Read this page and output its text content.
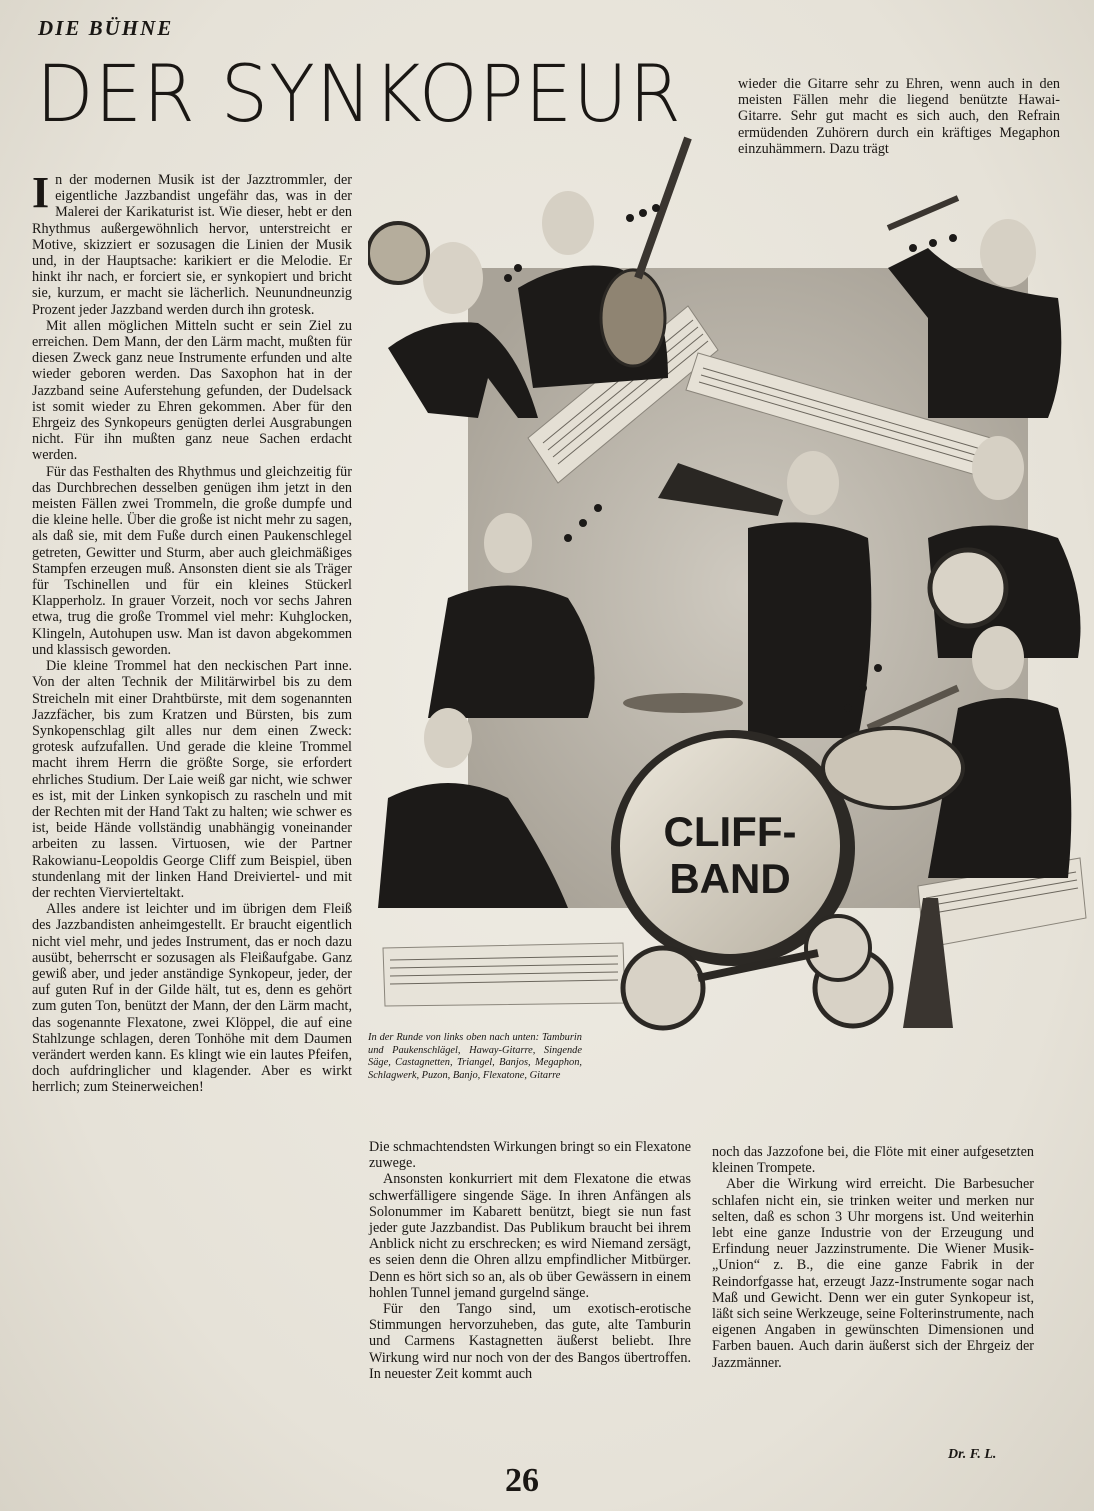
DIE BÜHNE
DER SYNKOPEUR

In der modernen Musik ist der Jazztrommler, der eigentliche Jazzbandist ungefähr das, was in der Malerei der Karikaturist ist. Wie dieser, hebt er den Rhythmus außergewöhnlich hervor, unterstreicht er Motive, skizziert er sozusagen die Linien der Musik und, in der Hauptsache: karikiert er die Melodie. Er hinkt ihr nach, er forciert sie, er synkopiert und bricht sie, kurzum, er macht sie lächerlich. Neunundneunzig Prozent jeder Jazzband werden durch ihn grotesk.

Mit allen möglichen Mitteln sucht er sein Ziel zu erreichen. Dem Mann, der den Lärm macht, mußten für diesen Zweck ganz neue Instrumente erfunden und alte wieder geboren werden. Das Saxophon hat in der Jazzband seine Auferstehung gefunden, der Dudelsack ist somit wieder zu Ehren gekommen. Aber für den Ehrgeiz des Synkopeurs genügten derlei Ausgrabungen nicht. Für ihn mußten ganz neue Sachen erdacht werden.

Für das Festhalten des Rhythmus und gleichzeitig für das Durchbrechen desselben genügen ihm jetzt in den meisten Fällen zwei Trommeln, die große dumpfe und die kleine helle. Über die große ist nicht mehr zu sagen, als daß sie, mit dem Fuße durch einen Paukenschlegel getreten, Gewitter und Sturm, aber auch gleichmäßiges Stampfen erzeugen muß. Ansonsten dient sie als Träger für Tschinellen und für ein kleines Stückerl Klapperholz. In grauer Vorzeit, noch vor sechs Jahren etwa, trug die große Trommel viel mehr: Kuhglocken, Klingeln, Autohupen usw. Man ist davon abgekommen und klassisch geworden.

Die kleine Trommel hat den neckischen Part inne. Von der alten Technik der Militärwirbel bis zu dem Streicheln mit einer Drahtbürste, mit dem sogenannten Jazzfächer, bis zum Kratzen und Bürsten, bis zum Synkopenschlag gilt alles nur dem einen Zweck: grotesk aufzufallen. Und gerade die kleine Trommel macht ihrem Herrn die größte Sorge, sie erfordert ehrliches Studium. Der Laie weiß gar nicht, wie schwer es ist, mit der Linken synkopisch zu rascheln und mit der Rechten mit der Hand Takt zu halten; wie schwer es ist, beide Hände vollständig unabhängig voneinander arbeiten zu lassen. Virtuosen, wie der Partner Rakowianu-Leopoldis George Cliff zum Beispiel, üben stundenlang mit der linken Hand Dreiviertel- und mit der rechten Viervierteltakt.

Alles andere ist leichter und im übrigen dem Fleiß des Jazzbandisten anheimgestellt. Er braucht eigentlich nicht viel mehr, und jedes Instrument, das er noch dazu ausübt, beherrscht er sozusagen als Fleißaufgabe. Ganz gewiß aber, und jeder anständige Synkopeur, jeder, der auf guten Ruf in der Gilde hält, tut es, denn es gehört zum guten Ton, benützt der Mann, der den Lärm macht, das sogenannte Flexatone, zwei Klöppel, die auf eine Stahlzunge schlagen, deren Tonhöhe mit dem Daumen verändert werden kann. Es klingt wie ein lautes Pfeifen, doch aufdringlicher und klagender. Aber es wirkt herrlich; zum Steinerweichen!

wieder die Gitarre sehr zu Ehren, wenn auch in den meisten Fällen mehr die liegend benützte Hawai-Gitarre. Sehr gut macht es sich auch, den Refrain ermüdenden Zuhörern durch ein kräftiges Megaphon einzuhämmern. Dazu trägt

CLIFF-
BAND
In der Runde von links oben nach unten: Tamburin und Paukenschlägel, Haway-Gitarre, Singende Säge, Castagnetten, Triangel, Banjos, Megaphon, Schlagwerk, Puzon, Banjo, Flexatone, Gitarre

Die schmachtendsten Wirkungen bringt so ein Flexatone zuwege.

Ansonsten konkurriert mit dem Flexatone die etwas schwerfälligere singende Säge. In ihren Anfängen als Solonummer im Kabarett benützt, biegt sie nun fast jeder gute Jazzbandist. Das Publikum braucht bei ihrem Anblick nicht zu erschrecken; es wird Niemand zersägt, es seien denn die Ohren allzu empfindlicher Mitbürger. Denn es hört sich so an, als ob über Gewässern in einem hohlen Tunnel jemand gurgelnd sänge.

Für den Tango sind, um exotisch-erotische Stimmungen hervorzuheben, das gute, alte Tamburin und Carmens Kastagnetten äußerst beliebt. Ihre Wirkung wird nur noch von der des Bangos übertroffen. In neuester Zeit kommt auch

noch das Jazzofone bei, die Flöte mit einer aufgesetzten kleinen Trompete.

Aber die Wirkung wird erreicht. Die Barbesucher schlafen nicht ein, sie trinken weiter und merken nur selten, daß es schon 3 Uhr morgens ist. Und weiterhin lebt eine ganze Industrie von der Erzeugung und Erfindung neuer Jazzinstrumente. Die Wiener Musik-„Union“ z. B., die eine ganze Fabrik in der Reindorfgasse hat, erzeugt Jazz-Instrumente sogar nach Maß und Gewicht. Denn wer ein guter Synkopeur ist, läßt sich seine Werkzeuge, seine Folterinstrumente, nach eigenen Angaben in gewünschten Dimensionen und Farben bauen. Auch darin äußerst sich der Ehrgeiz der Jazzmänner.

Dr. F. L.
26
